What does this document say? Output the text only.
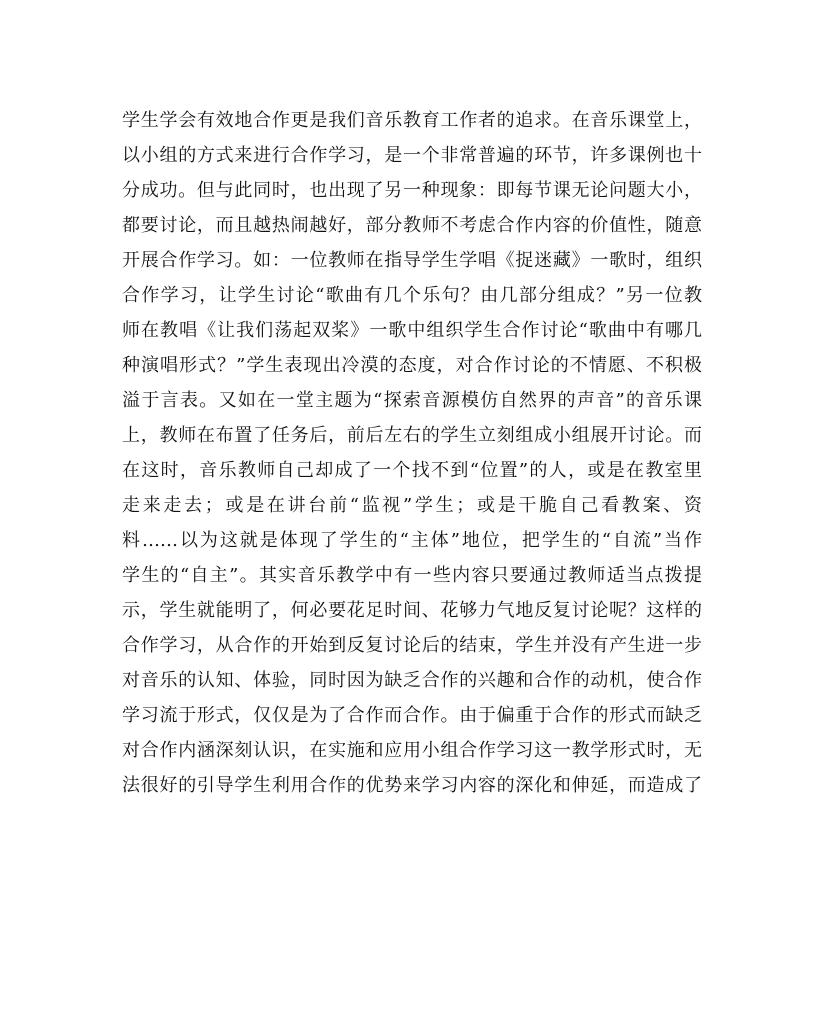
学生学会有效地合作更是我们音乐教育工作者的追求。在音乐课堂上，
以小组的方式来进行合作学习，是一个非常普遍的环节，许多课例也十
分成功。但与此同时，也出现了另一种现象：即每节课无论问题大小，
都要讨论，而且越热闹越好，部分教师不考虑合作内容的价值性，随意
开展合作学习。如：一位教师在指导学生学唱《捉迷藏》一歌时，组织
合作学习，让学生讨论“歌曲有几个乐句？由几部分组成？”另一位教
师在教唱《让我们荡起双桨》一歌中组织学生合作讨论“歌曲中有哪几
种演唱形式？”学生表现出冷漠的态度，对合作讨论的不情愿、不积极
溢于言表。又如在一堂主题为“探索音源模仿自然界的声音”的音乐课
上，教师在布置了任务后，前后左右的学生立刻组成小组展开讨论。而
在这时，音乐教师自己却成了一个找不到“位置”的人，或是在教室里
走来走去；或是在讲台前“监视”学生；或是干脆自己看教案、资
料……以为这就是体现了学生的“主体”地位，把学生的“自流”当作
学生的“自主”。其实音乐教学中有一些内容只要通过教师适当点拨提
示，学生就能明了，何必要花足时间、花够力气地反复讨论呢？这样的
合作学习，从合作的开始到反复讨论后的结束，学生并没有产生进一步
对音乐的认知、体验，同时因为缺乏合作的兴趣和合作的动机，使合作
学习流于形式，仅仅是为了合作而合作。由于偏重于合作的形式而缺乏
对合作内涵深刻认识，在实施和应用小组合作学习这一教学形式时，无
法很好的引导学生利用合作的优势来学习内容的深化和伸延，而造成了
